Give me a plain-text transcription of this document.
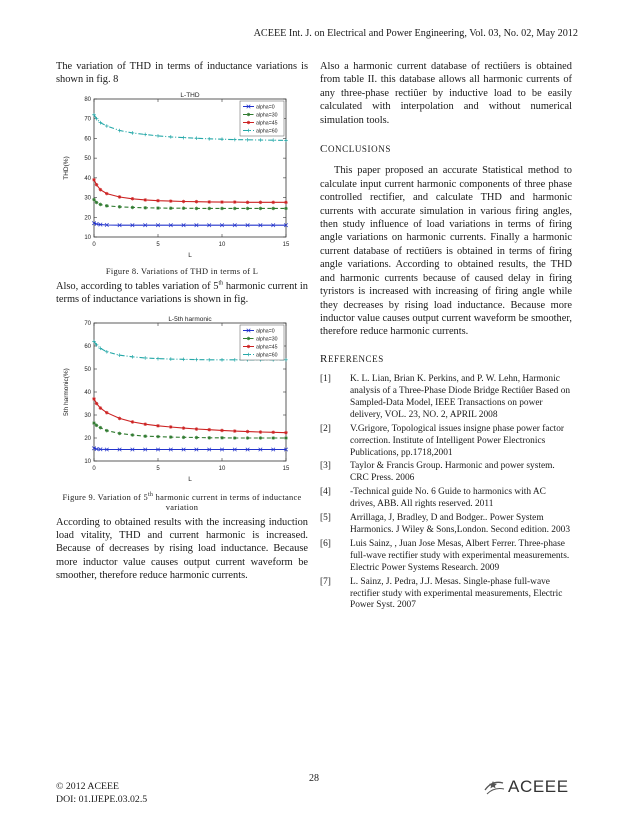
ACEEE Int. J. on Electrical and Power Engineering, Vol. 03, No. 02, May 2012

The variation of THD in terms of inductance variations is shown in fig. 8

L-THD
THD(%)
L
10
20
30
40
50
60
70
80
0	5	10	15
alpha=0
alpha=30
alpha=45
alpha=60
Figure 8. Variations of THD in terms of L

Also, according to tables variation of 5th harmonic current in terms of inductance variations is shown in fig.

L-5th harmonic
5th harmonic(%)
L
10
20
30
40
50
60
70
0	5	10	15
alpha=0
alpha=30
alpha=45
alpha=60
Figure 9. Variation of 5th harmonic current in terms of inductance variation

According to obtained results with the increasing induction load vitality, THD and current harmonic is increased. Because of decreases by rising load inductance. Because more inductor value causes output current waveform be smoother, therefore reduce harmonic currents.

Also a harmonic current database of rectiûers is obtained from table II. this database allows all harmonic currents of any three-phase rectiûer by inductive load to be easily calculated with interpolation and without numerical simulation tools.

CONCLUSIONS

This paper proposed an accurate Statistical method to calculate input current harmonic components of three phase controlled rectifier, and calculate THD and harmonic currents with accurate simulation in various firing angles, then study influence of load variations in terms of firing angle variations on harmonic currents. Finally a harmonic current database of rectiûers is obtained in terms of firing angle variations. According to obtained results, the THD and harmonic currents because of caused delay in firing tyristors is increased with increasing of firing angle while they decreases by rising load inductance. Because more inductor value causes output current waveform be smoother, therefore reduce harmonic currents.

REFERENCES

[1] K. L. Lian, Brian K. Perkins, and P. W. Lehn, Harmonic analysis of a Three-Phase Diode Bridge Rectiûer Based on Sampled-Data Model, IEEE Transactions on power delivery, VOL. 23, NO. 2, APRIL 2008
[2] V.Grigore, Topological issues insigne phase power factor correction. Institute of Intelligent Power Electronics Publications, pp.1718,2001
[3] Taylor & Francis Group. Harmonic and power system. CRC Press. 2006
[4] -Technical guide No. 6 Guide to harmonics with AC drives, ABB. All rights reserved. 2011
[5] Arrillaga, J, Bradley, D and Bodger.. Power System Harmonics. J Wiley & Sons,London. Second edition. 2003
[6] Luis Sainz, , Juan Jose Mesas, Albert Ferrer. Three-phase full-wave rectifier study with experimental measurements. Electric Power Systems Research. 2009
[7] L. Sainz, J. Pedra, J.J. Mesas. Single-phase full-wave rectifier study with experimental measurements, Electric Power Syst. 2007
© 2012 ACEEE
DOI: 01.IJEPE.03.02.5
28	ACEEE
